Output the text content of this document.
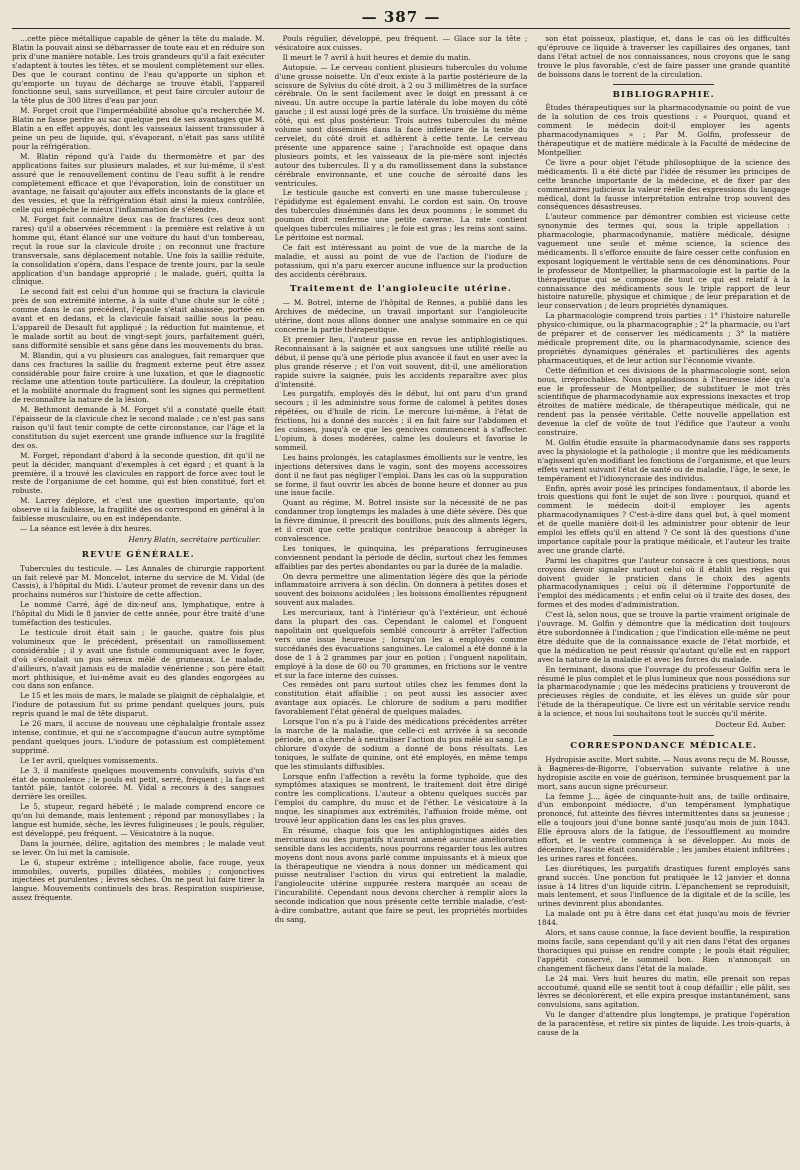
— 387 —

…cette pièce métallique capable de gêner la tête du malade. M. Blatin la pouvait ainsi se débarrasser de toute eau et en réduire son prix d'une manière notable. Les trois grandeurs qu'il a fait exécuter s'adaptent à toutes les têtes, et se moulent complètement sur elles. Des que le courant continu de l'eau qu'apporte un siphon et qu'emporte un tuyau de décharge se trouve établi, l'appareil fonctionne seul, sans surveillance, et peut faire circuler autour de la tête plus de 300 litres d'eau par jour.

M. Forget croit que l'imperméabilité absolue qu'a recherchée M. Blatin ne fasse perdre au sac quelque peu de ses avantages que M. Blatin a en effet appuyés, dont les vaisseaux laissent transsuder à peine un peu de liquide, qui, s'évaporant, n'était pas sans utilité pour la réfrigération.

M. Blatin répond qu'à l'aide du thermomètre et par des applications faites sur plusieurs malades, et sur lui-même, il s'est assuré que le renouvellement continu de l'eau suffit à le rendre complètement efficace et que l'évaporation, loin de constituer un avantage, ne faisait qu'ajouter aux effets inconstants de la glace et des vessies, et que la réfrigération était ainsi la mieux contrôlée, celle qui empêche le mieux l'inflammation de s'étendre.

M. Forget fait connaître deux cas de fractures (ces deux sont rares) qu'il a observées récemment : la première est relative à un homme qui, étant élancé sur une voiture du haut d'un tombereau, reçut la roue sur la clavicule droite ; on reconnut une fracture transversale, sans déplacement notable. Une fois la saillie réduite, la consolidation s'opéra, dans l'espace de trente jours, par la seule application d'un bandage approprié ; le malade, guéri, quitta la clinique.

Le second fait est celui d'un homme qui se fractura la clavicule près de son extrémité interne, à la suite d'une chute sur le côté ; comme dans le cas précédent, l'épaule s'était abaissée, portée en avant et en dedans, et la clavicule faisait saillie sous la peau. L'appareil de Desault fut appliqué ; la réduction fut maintenue, et le malade sortit au bout de vingt-sept jours, parfaitement guéri, sans difformité sensible et sans gêne dans les mouvements du bras.

M. Blandin, qui a vu plusieurs cas analogues, fait remarquer que dans ces fractures la saillie du fragment externe peut être assez considérable pour faire croire à une luxation, et que le diagnostic réclame une attention toute particulière. La douleur, la crépitation et la mobilité anormale du fragment sont les signes qui permettent de reconnaître la nature de la lésion.

M. Bethmont demande à M. Forget s'il a constaté quelle était l'épaisseur de la clavicule chez le second malade ; ce n'est pas sans raison qu'il faut tenir compte de cette circonstance, car l'âge et la constitution du sujet exercent une grande influence sur la fragilité des os.

M. Forget, répondant d'abord à la seconde question, dit qu'il ne peut la décider, manquant d'exemples à cet égard ; et quant à la première, il a trouvé les clavicules en rapport de force avec tout le reste de l'organisme de cet homme, qui est bien constitué, fort et robuste.

M. Larrey déplore, et c'est une question importante, qu'on observe si la faiblesse, la fragilité des os correspond en général à la faiblesse musculaire, ou en est indépendante.

— La séance est levée à dix heures.

Henry Blatin, secrétaire particulier.
REVUE GÉNÉRALE.

Tubercules du testicule. — Les Annales de chirurgie rapportent un fait relevé par M. Moncelot, interne du service de M. Vidal (de Cassis), à l'hôpital du Midi. L'auteur promet de revenir dans un des prochains numéros sur l'histoire de cette affection.

Le nommé Carré, âgé de dix-neuf ans, lymphatique, entre à l'hôpital du Midi le 8 janvier de cette année, pour être traité d'une tuméfaction des testicules.

Le testicule droit était sain ; le gauche, quatre fois plus volumineux que le précédent, présentait un ramollissement considérable ; il y avait une fistule communiquant avec le foyer, d'où s'écoulait un pus séreux mêlé de grumeaux. Le malade, d'ailleurs, n'avait jamais eu de maladie vénérienne ; son père était mort phthisique, et lui-même avait eu des glandes engorgées au cou dans son enfance.

Le 15 et les mois de mars, le malade se plaignit de céphalalgie, et l'iodure de potassium fut su prime pendant quelques jours, puis repris quand le mal de tête disparut.

Le 26 mars, il accuse de nouveau une céphalalgie frontale assez intense, continue, et qui ne s'accompagne d'aucun autre symptôme pendant quelques jours. L'iodure de potassium est complètement supprimé.

Le 1er avril, quelques vomissements.

Le 3, il manifeste quelques mouvements convulsifs, suivis d'un état de somnolence ; le pouls est petit, serré, fréquent ; la face est tantôt pâle, tantôt colorée. M. Vidal a recours à des sangsues derrière les oreilles.

Le 5, stupeur, regard hébété ; le malade comprend encore ce qu'on lui demande, mais lentement ; répond par monosyllabes ; la langue est humide, sèche, les lèvres fuligineuses ; le pouls, régulier, est développé, peu fréquent. — Vésicatoire à la nuque.

Dans la journée, délire, agitation des membres ; le malade veut se lever. On lui met la camisole.

Le 6, stupeur extrême ; intelligence abolie, face rouge, yeux immobiles, ouverts, pupilles dilatées, mobiles ; conjonctives injectées et purulentes ; lèvres sèches. On ne peut lui faire tirer la langue. Mouvements continuels des bras. Respiration suspirieuse, assez fréquente.

Pouls régulier, développé, peu fréquent. — Glace sur la tête ; vésicatoire aux cuisses.

Il meurt le 7 avril à huit heures et demie du matin.

Autopsie. — Le cerveau contient plusieurs tubercules du volume d'une grosse noisette. Un d'eux existe à la partie postérieure de la scissure de Sylvius du côté droit, à 2 ou 3 millimètres de la surface cérébrale. On le sent facilement avec le doigt en pressant à ce niveau. Un autre occupe la partie latérale du lobe moyen du côté gauche ; il est aussi logé près de la surface. Un troisième du même côté, qui est plus postérieur. Trois autres tubercules du même volume sont disséminés dans la face inférieure de la tente du cervelet, du côté droit et adhèrent à cette tente. Le cerveau présente une apparence saine ; l'arachnoïde est opaque dans plusieurs points, et les vaisseaux de la pie-mère sont injectés autour des tubercules. Il y a du ramollissement dans la substance cérébrale environnante, et une couche de sérosité dans les ventricules.

Le testicule gauche est converti en une masse tuberculeuse ; l'épididyme est également envahi. Le cordon est sain. On trouve des tubercules disséminés dans les deux poumons ; le sommet du poumon droit renferme une petite caverne. La rate contient quelques tubercules miliaires ; le foie est gras ; les reins sont sains. Le péritoine est normal.

Ce fait est intéressant au point de vue de la marche de la maladie, et aussi au point de vue de l'action de l'iodure de potassium, qui n'a paru exercer aucune influence sur la production des accidents cérébraux.

Traitement de l'angioleucite utérine.

— M. Botrel, interne de l'hôpital de Rennes, a publié dans les Archives de médecine, un travail important sur l'angioleucite utérine, dont nous allons donner une analyse sommaire en ce qui concerne la partie thérapeutique.

Et premier lieu, l'auteur passe en revue les antiphlogistiques. Reconnaissant à la saignée et aux sangsues une utilité réelle au début, il pense qu'à une période plus avancée il faut en user avec la plus grande réserve ; et l'on voit souvent, dit-il, une amélioration rapide suivre la saignée, puis les accidents reparaître avec plus d'intensité.

Les purgatifs, employés dès le début, lui ont paru d'un grand secours ; il les administre sous forme de calomel à petites doses répétées, ou d'huile de ricin. Le mercure lui-même, à l'état de frictions, lui a donné des succès ; il en fait faire sur l'abdomen et les cuisses, jusqu'à ce que les gencives commencent à s'affecter. L'opium, à doses modérées, calme les douleurs et favorise le sommeil.

Les bains prolongés, les cataplasmes émollients sur le ventre, les injections détersives dans le vagin, sont des moyens accessoires dont il ne faut pas négliger l'emploi. Dans les cas où la suppuration se forme, il faut ouvrir les abcès de bonne heure et donner au pus une issue facile.

Quant au régime, M. Botrel insiste sur la nécessité de ne pas condamner trop longtemps les malades à une diète sévère. Dès que la fièvre diminue, il prescrit des bouillons, puis des aliments légers, et il croit que cette pratique contribue beaucoup à abréger la convalescence.

Les toniques, le quinquina, les préparations ferrugineuses conviennent pendant la période de déclin, surtout chez les femmes affaiblies par des pertes abondantes ou par la durée de la maladie.

On devra permettre une alimentation légère dès que la période inflammatoire arrivera à son déclin. On donnera à petites doses et souvent des boissons acidulées ; les boissons émollientes répugnent souvent aux malades.

Les mercuriaux, tant à l'intérieur qu'à l'extérieur, ont échoué dans la plupart des cas. Cependant le calomel et l'onguent napolitain ont quelquefois semblé concourir à arrêter l'affection vers une issue heureuse ; lorsqu'on les a employés comme succédanés des évacuations sanguines. Le calomel a été donné à la dose de 1 à 2 grammes par jour en potion ; l'onguent napolitain, employé à la dose de 60 ou 70 grammes, en frictions sur le ventre et sur la face interne des cuisses.

Ces remèdes ont paru surtout utiles chez les femmes dont la constitution était affaiblie ; on peut aussi les associer avec avantage aux opiacés. Le chlorure de sodium a paru modifier favorablement l'état général de quelques malades.

Lorsque l'on n'a pu à l'aide des médications précédentes arrêter la marche de la maladie, que celle-ci est arrivée à sa seconde période, on a cherché à neutraliser l'action du pus mêlé au sang. Le chlorure d'oxyde de sodium a donné de bons résultats. Les toniques, le sulfate de quinine, ont été employés, en même temps que les stimulants diffusibles.

Lorsque enfin l'affection a revêtu la forme typhoïde, que des symptômes ataxiques se montrent, le traitement doit être dirigé contre les complications. L'auteur a obtenu quelques succès par l'emploi du camphre, du musc et de l'éther. Le vésicatoire à la nuque, les sinapismes aux extrémités, l'affusion froide même, ont trouvé leur application dans les cas les plus graves.

En résumé, chaque fois que les antiphlogistiques aidés des mercuriaux ou des purgatifs n'auront amené aucune amélioration sensible dans les accidents, nous pourrons regarder tous les autres moyens dont nous avons parlé comme impuissants et à mieux que la thérapeutique ne viendra à nous donner un médicament qui puisse neutraliser l'action du virus qui entretient la maladie, l'angioleucite utérine suppurée restera marquée au sceau de l'incurabilité. Cependant nous devons chercher à remplir alors la seconde indication que nous présente cette terrible maladie, c'est-à-dire combattre, autant que faire se peut, les propriétés morbides du sang,

son état poisseux, plastique, et, dans le cas où les difficultés qu'éprouve ce liquide à traverser les capillaires des organes, tant dans l'état actuel de nos connaissances, nous croyons que le sang trouve le plus favorable, c'est de faire passer une grande quantité de boissons dans le torrent de la circulation.

BIBLIOGRAPHIE.

Études thérapeutiques sur la pharmacodynamie ou point de vue de la solution de ces trois questions : « Pourquoi, quand et comment le médecin doit-il employer les agents pharmacodynamiques » ; Par M. Golfin, professeur de thérapeutique et de matière médicale à la Faculté de médecine de Montpellier.

Ce livre a pour objet l'étude philosophique de la science des médicaments. Il a été dicté par l'idée de résumer les principes de cette branche importante de la médecine, et de fixer par des commentaires judicieux la valeur réelle des expressions du langage médical, dont la fausse interprétation entraîne trop souvent des conséquences désastreuses.

L'auteur commence par démontrer combien est vicieuse cette synonymie des termes qui, sous la triple appellation : pharmacologie, pharmacodynamie, matière médicale, désigne vaguement une seule et même science, la science des médicaments. Il s'efforce ensuite de faire cesser cette confusion en exposant logiquement le véritable sens de ces dénominations. Pour le professeur de Montpellier, la pharmacologie est la partie de la thérapeutique qui se compose de tout ce qui est relatif à la connaissance des médicaments sous le triple rapport de leur histoire naturelle, physique et chimique ; de leur préparation et de leur conservation ; de leurs propriétés dynamiques.

La pharmacologie comprend trois parties : 1° l'histoire naturelle physico-chimique, ou la pharmacographie ; 2° la pharmacie, ou l'art de préparer et de conserver les médicaments ; 3° la matière médicale proprement dite, ou la pharmacodynamie, science des propriétés dynamiques générales et particulières des agents pharmaceutiques, et de leur action sur l'économie vivante.

Cette définition et ces divisions de la pharmacologie sont, selon nous, irréprochables. Nous applaudissons à l'heureuse idée qu'a eue le professeur de Montpellier, de substituer le mot très scientifique de pharmacodynamie aux expressions inexactes et trop étroites de matière médicale, de thérapeutique médicale, qui ne rendent pas la pensée véritable. Cette nouvelle appellation est devenue la clef de voûte de tout l'édifice que l'auteur a voulu construire.

M. Golfin étudie ensuite la pharmacodynamie dans ses rapports avec la physiologie et la pathologie ; il montre que les médicaments n'agissent qu'en modifiant les fonctions de l'organisme, et que leurs effets varient suivant l'état de santé ou de maladie, l'âge, le sexe, le tempérament et l'idiosyncrasie des individus.

Enfin, après avoir posé les principes fondamentaux, il aborde les trois questions qui font le sujet de son livre : pourquoi, quand et comment le médecin doit-il employer les agents pharmacodynamiques ? C'est-à-dire dans quel but, à quel moment et de quelle manière doit-il les administrer pour obtenir de leur emploi les effets qu'il en attend ? Ce sont là des questions d'une importance capitale pour la pratique médicale, et l'auteur les traite avec une grande clarté.

Parmi les chapitres que l'auteur consacre à ces questions, nous croyons devoir signaler surtout celui où il établit les règles qui doivent guider le praticien dans le choix des agents pharmacodynamiques ; celui où il détermine l'opportunité de l'emploi des médicaments ; et enfin celui où il traite des doses, des formes et des modes d'administration.

C'est là, selon nous, que se trouve la partie vraiment originale de l'ouvrage. M. Golfin y démontre que la médication doit toujours être subordonnée à l'indication ; que l'indication elle-même ne peut être déduite que de la connaissance exacte de l'état morbide, et que la médication ne peut réussir qu'autant qu'elle est en rapport avec la nature de la maladie et avec les forces du malade.

En terminant, disons que l'ouvrage du professeur Golfin sera le résumé le plus complet et le plus lumineux que nous possédions sur la pharmacodynamie ; que les médecins praticiens y trouveront de précieuses règles de conduite, et les élèves un guide sûr pour l'étude de la thérapeutique. Ce livre est un véritable service rendu à la science, et nous lui souhaitons tout le succès qu'il mérite.

Docteur Ed. Auber.
CORRESPONDANCE MÉDICALE.

Hydropisie ascite. Mort subite. — Nous avons reçu de M. Rousse, à Bagnères-de-Bigorre, l'observation suivante relative à une hydropisie ascite en voie de guérison, terminée brusquement par la mort, sans aucun signe précurseur.

La femme J..., âgée de cinquante-huit ans, de taille ordinaire, d'un embonpoint médiocre, d'un tempérament lymphatique prononcé, fut atteinte des fièvres intermittentes dans sa jeunesse ; elle a toujours joui d'une bonne santé jusqu'au mois de juin 1843. Elle éprouva alors de la fatigue, de l'essoufflement au moindre effort, et le ventre commença à se développer. Au mois de décembre, l'ascite était considérable ; les jambes étaient infiltrées ; les urines rares et foncées.

Les diurétiques, les purgatifs drastiques furent employés sans grand succès. Une ponction fut pratiquée le 12 janvier et donna issue à 14 litres d'un liquide citrin. L'épanchement se reproduisit, mais lentement, et sous l'influence de la digitale et de la scille, les urines devinrent plus abondantes.

La malade ont pu à être dans cet état jusqu'au mois de février 1844.

Alors, et sans cause connue, la face devient bouffie, la respiration moins facile, sans cependant qu'il y ait rien dans l'état des organes thoraciques qui puisse en rendre compte ; le pouls était régulier, l'appétit conservé, le sommeil bon. Rien n'annonçait un changement fâcheux dans l'état de la malade.

Le 24 mai. Vers huit heures du matin, elle prenait son repas accoutumé, quand elle se sentit tout à coup défaillir ; elle pâlit, ses lèvres se décolorèrent, et elle expira presque instantanément, sans convulsions, sans agitation.

Vu le danger d'attendre plus longtemps, je pratique l'opération de la paracentèse, et retire six pintes de liquide. Les trois-quarts, à cause de la
